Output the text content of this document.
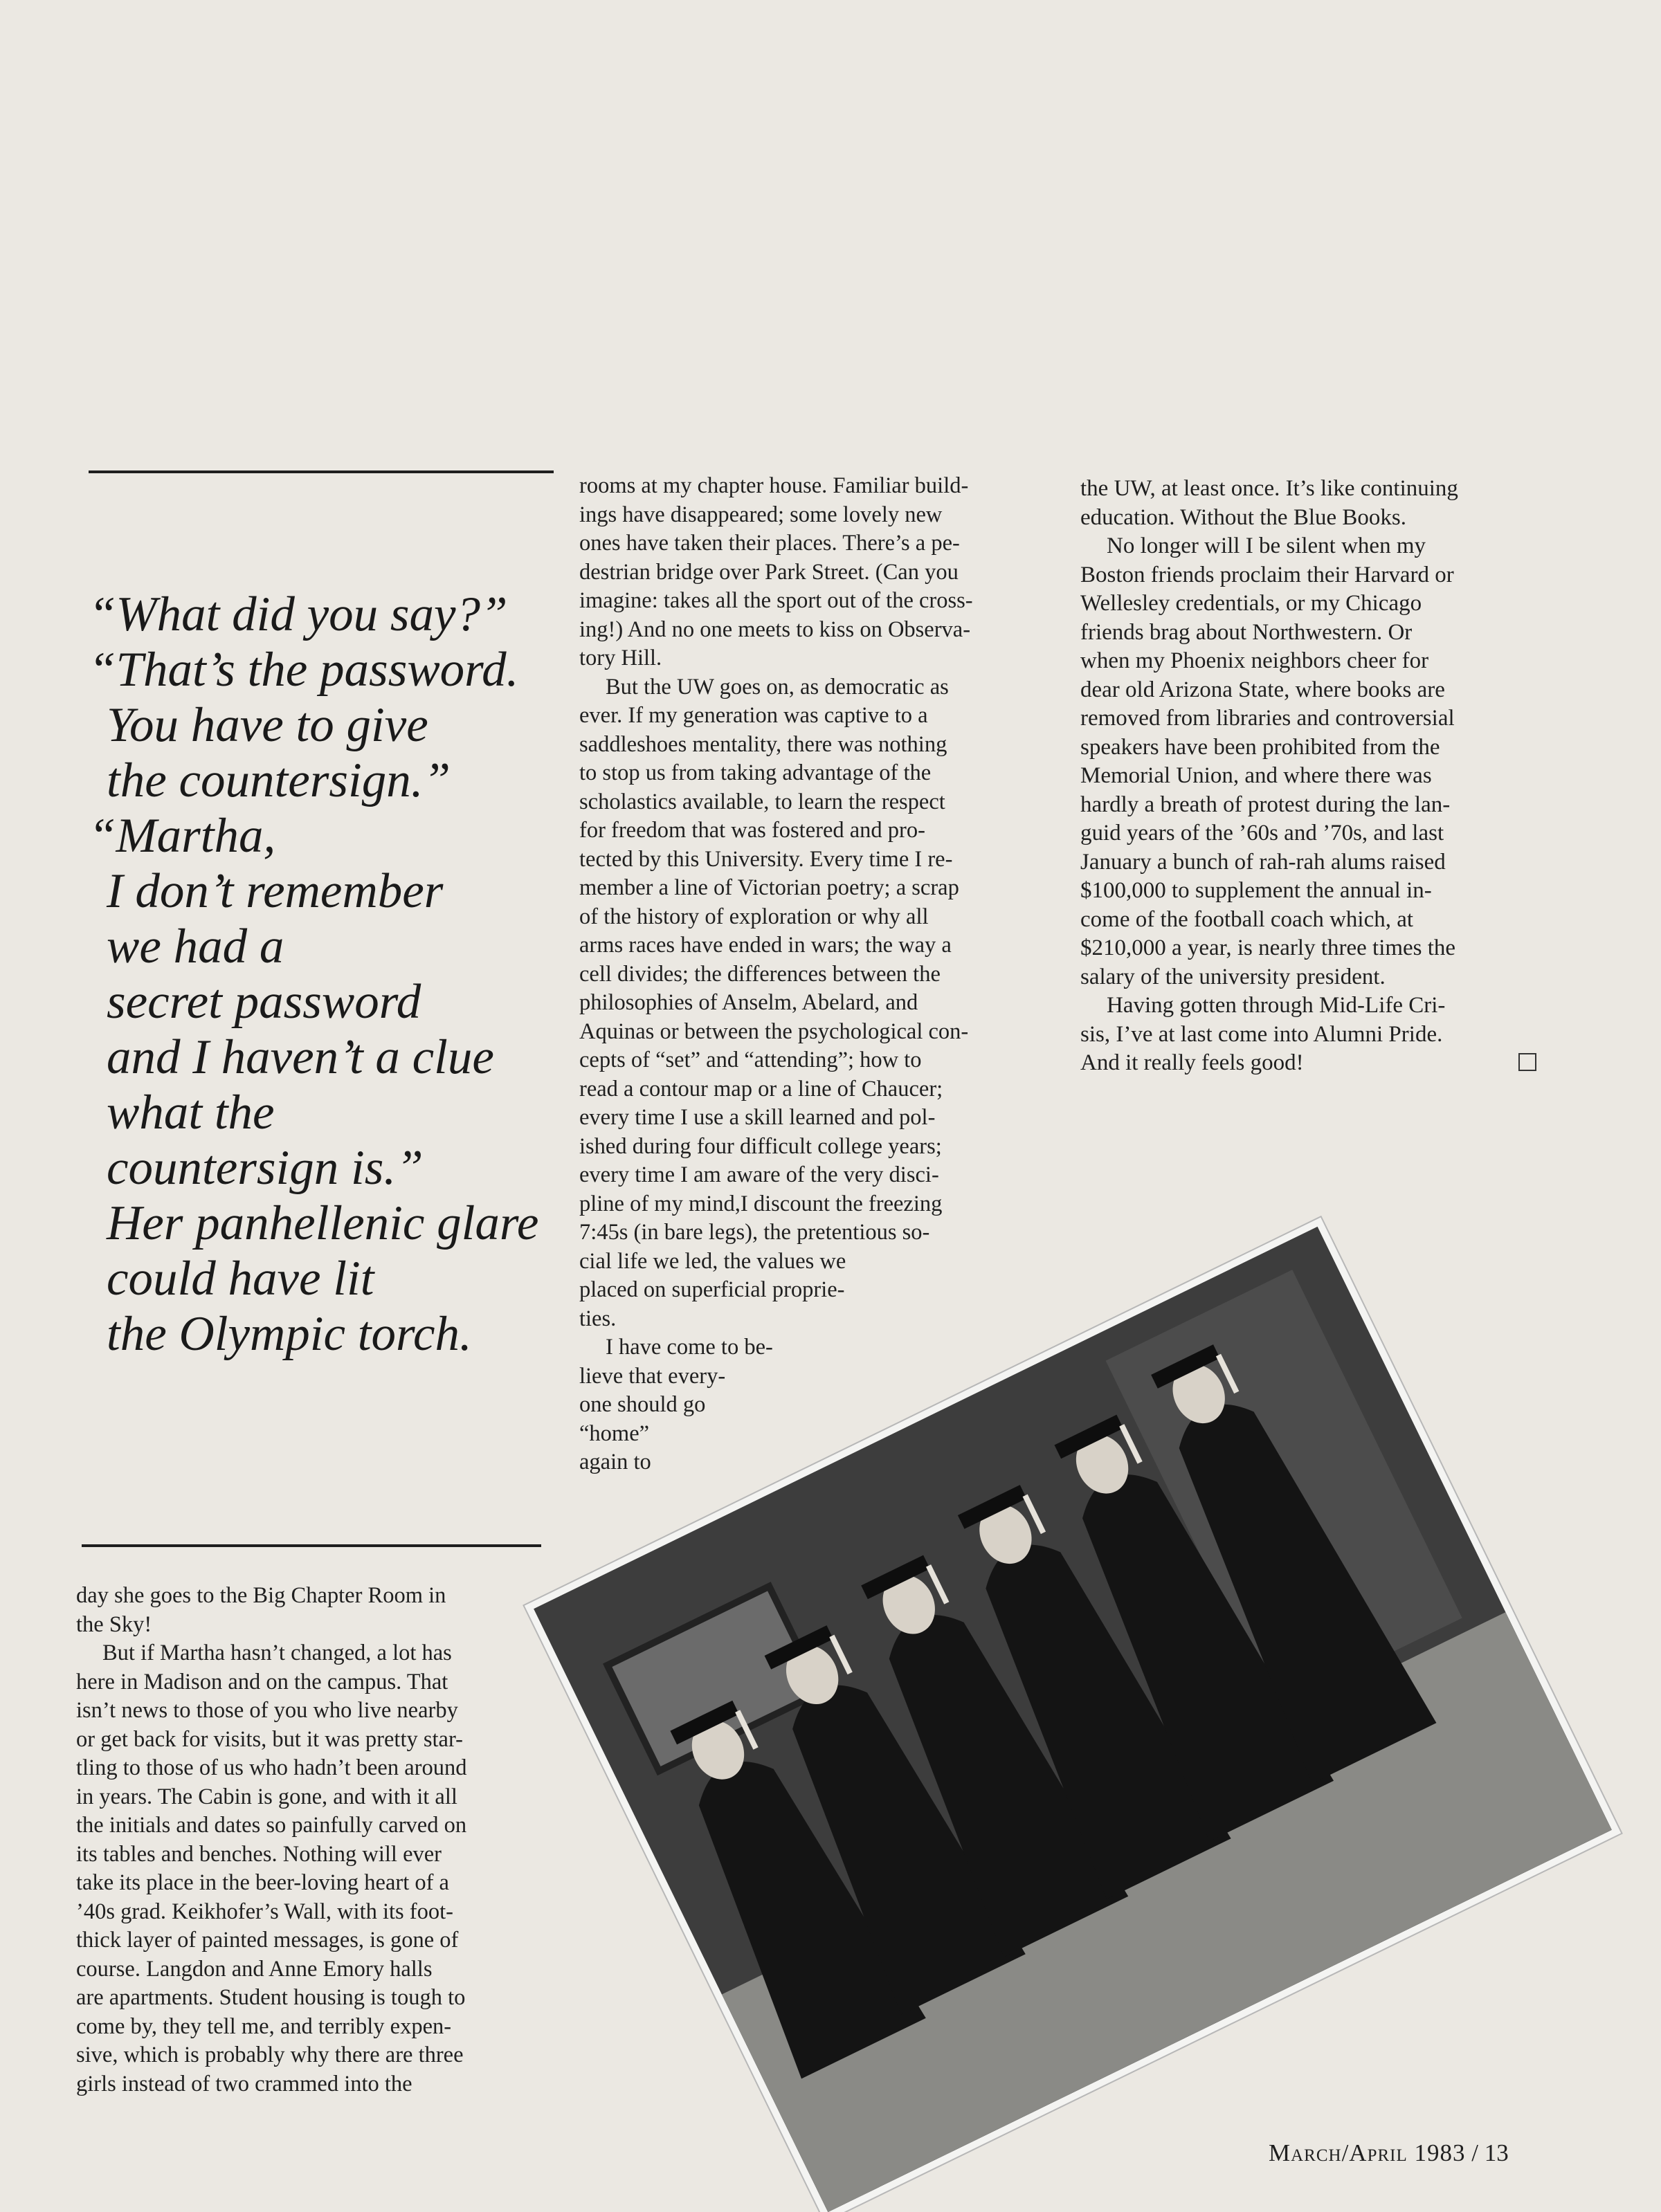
“What did you say?”
“That’s the password.
You have to give
the countersign.”
“Martha,
I don’t remember
we had a
secret password
and I haven’t a clue
what the
countersign is.”
Her panhellenic glare
could have lit
the Olympic torch.

day she goes to the Big Chapter Room in

the Sky!

But if Martha hasn’t changed, a lot has

here in Madison and on the campus. That

isn’t news to those of you who live nearby

or get back for visits, but it was pretty star-

tling to those of us who hadn’t been around

in years. The Cabin is gone, and with it all

the initials and dates so painfully carved on

its tables and benches. Nothing will ever

take its place in the beer-loving heart of a

’40s grad. Keikhofer’s Wall, with its foot-

thick layer of painted messages, is gone of

course. Langdon and Anne Emory halls

are apartments. Student housing is tough to

come by, they tell me, and terribly expen-

sive, which is probably why there are three

girls instead of two crammed into the

rooms at my chapter house. Familiar build-

ings have disappeared; some lovely new

ones have taken their places. There’s a pe-

destrian bridge over Park Street. (Can you

imagine: takes all the sport out of the cross-

ing!) And no one meets to kiss on Observa-

tory Hill.

But the UW goes on, as democratic as

ever. If my generation was captive to a

saddleshoes mentality, there was nothing

to stop us from taking advantage of the

scholastics available, to learn the respect

for freedom that was fostered and pro-

tected by this University. Every time I re-

member a line of Victorian poetry; a scrap

of the history of exploration or why all

arms races have ended in wars; the way a

cell divides; the differences between the

philosophies of Anselm, Abelard, and

Aquinas or between the psychological con-

cepts of “set” and “attending”; how to

read a contour map or a line of Chaucer;

every time I use a skill learned and pol-

ished during four difficult college years;

every time I am aware of the very disci-

pline of my mind,I discount the freezing

7:45s (in bare legs), the pretentious so-

cial life we led, the values we

placed on superficial proprie-

ties.

I have come to be-

lieve that every-

one should go

“home”

again to

the UW, at least once. It’s like continuing

education. Without the Blue Books.

No longer will I be silent when my

Boston friends proclaim their Harvard or

Wellesley credentials, or my Chicago

friends brag about Northwestern. Or

when my Phoenix neighbors cheer for

dear old Arizona State, where books are

removed from libraries and controversial

speakers have been prohibited from the

Memorial Union, and where there was

hardly a breath of protest during the lan-

guid years of the ’60s and ’70s, and last

January a bunch of rah-rah alums raised

$100,000 to supplement the annual in-

come of the football coach which, at

$210,000 a year, is nearly three times the

salary of the university president.

Having gotten through Mid-Life Cri-

sis, I’ve at last come into Alumni Pride.

And it really feels good!

March/April 1983 / 13
